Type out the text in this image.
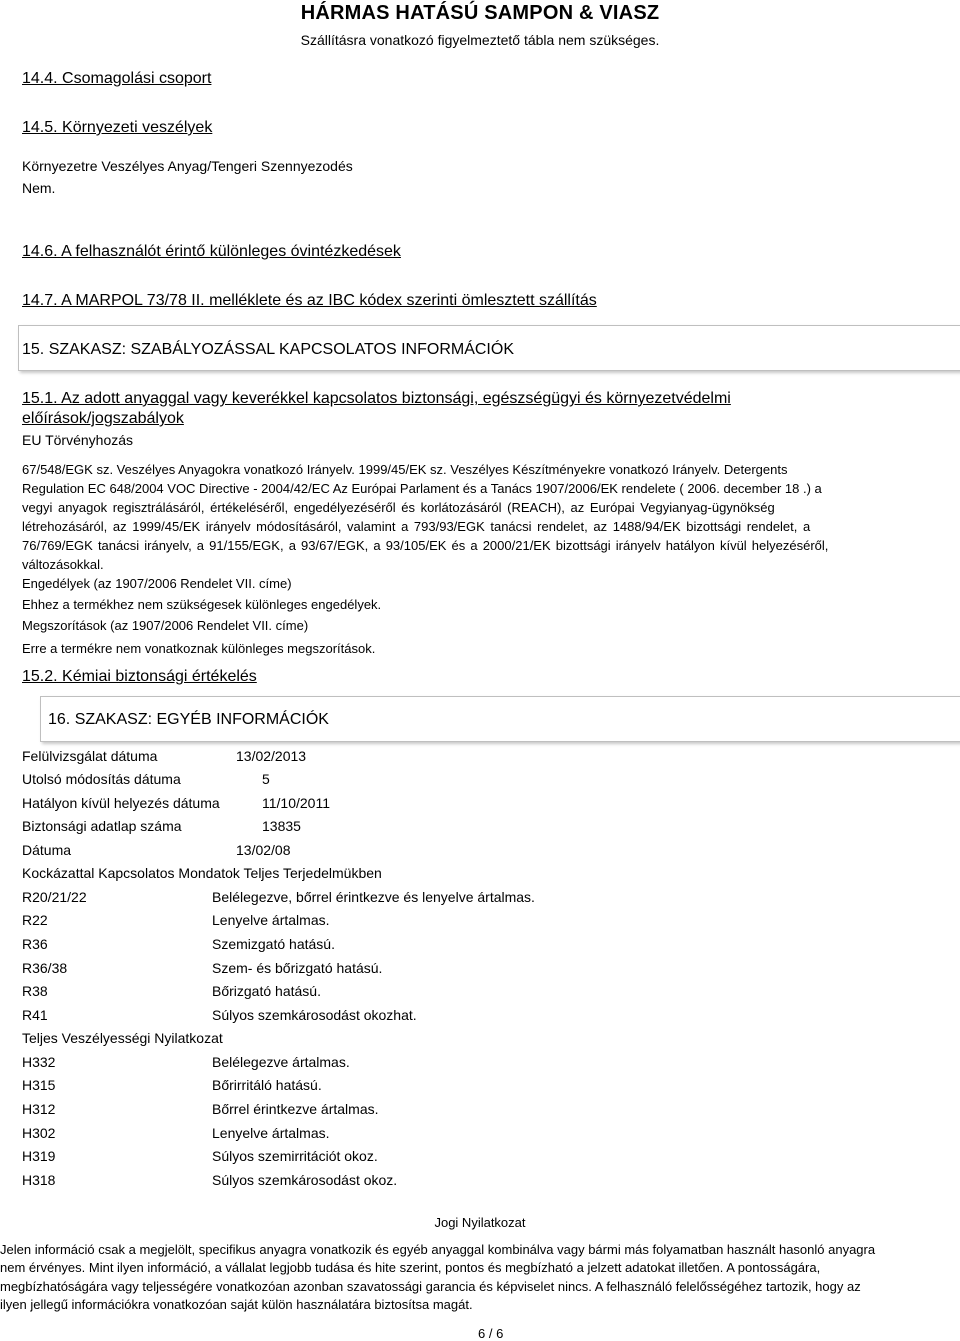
HÁRMAS HATÁSÚ SAMPON & VIASZ
Szállításra vonatkozó figyelmeztető tábla nem szükséges.
14.4. Csomagolási csoport
14.5. Környezeti veszélyek
Környezetre Veszélyes Anyag/Tengeri Szennyezodés
Nem.
14.6. A felhasználót érintő különleges óvintézkedések
14.7. A MARPOL 73/78 II. melléklete és az IBC kódex szerinti ömlesztett szállítás
15. SZAKASZ: SZABÁLYOZÁSSAL KAPCSOLATOS INFORMÁCIÓK
15.1. Az adott anyaggal vagy keverékkel kapcsolatos biztonsági, egészségügyi és környezetvédelmi
előírások/jogszabályok
EU Törvényhozás
67/548/EGK sz. Veszélyes Anyagokra vonatkozó Irányelv. 1999/45/EK sz. Veszélyes Készítményekre vonatkozó Irányelv. Detergents
Regulation EC 648/2004 VOC Directive - 2004/42/EC Az Európai Parlament és a Tanács 1907/2006/EK rendelete ( 2006. december 18 .) a
vegyi anyagok regisztrálásáról, értékeléséről, engedélyezéséről és korlátozásáról (REACH), az Európai Vegyianyag-ügynökség
létrehozásáról, az 1999/45/EK irányelv módosításáról, valamint a 793/93/EGK tanácsi rendelet, az 1488/94/EK bizottsági rendelet, a
76/769/EGK tanácsi irányelv, a 91/155/EGK, a 93/67/EGK, a 93/105/EK és a 2000/21/EK bizottsági irányelv hatályon kívül helyezéséről,
változásokkal.
Engedélyek (az 1907/2006 Rendelet VII. címe)
Ehhez a termékhez nem szükségesek különleges engedélyek.
Megszorítások (az 1907/2006 Rendelet VII. címe)
Erre a termékre nem vonatkoznak különleges megszorítások.
15.2. Kémiai biztonsági értékelés
16. SZAKASZ: EGYÉB INFORMÁCIÓK
Felülvizsgálat dátuma	13/02/2013
Utolsó módosítás dátuma	5
Hatályon kívül helyezés dátuma	11/10/2011
Biztonsági adatlap száma	13835
Dátuma	13/02/08
Kockázattal Kapcsolatos Mondatok Teljes Terjedelmükben
R20/21/22	Belélegezve, bőrrel érintkezve és lenyelve ártalmas.
R22	Lenyelve ártalmas.
R36	Szemizgató hatású.
R36/38	Szem- és bőrizgató hatású.
R38	Bőrizgató hatású.
R41	Súlyos szemkárosodást okozhat.
Teljes Veszélyességi Nyilatkozat
H332	Belélegezve ártalmas.
H315	Bőrirritáló hatású.
H312	Bőrrel érintkezve ártalmas.
H302	Lenyelve ártalmas.
H319	Súlyos szemirritációt okoz.
H318	Súlyos szemkárosodást okoz.
Jogi Nyilatkozat
Jelen információ csak a megjelölt, specifikus anyagra vonatkozik és egyéb anyaggal kombinálva vagy bármi más folyamatban használt hasonló anyagra
nem érvényes. Mint ilyen információ, a vállalat legjobb tudása és hite szerint, pontos és megbízható a jelzett adatokat illetően. A pontosságára,
megbízhatóságára vagy teljességére vonatkozóan azonban szavatossági garancia és képviselet nincs. A felhasználó felelősségéhez tartozik, hogy az
ilyen jellegű információkra vonatkozóan saját külön használatára biztosítsa magát.
6 / 6
